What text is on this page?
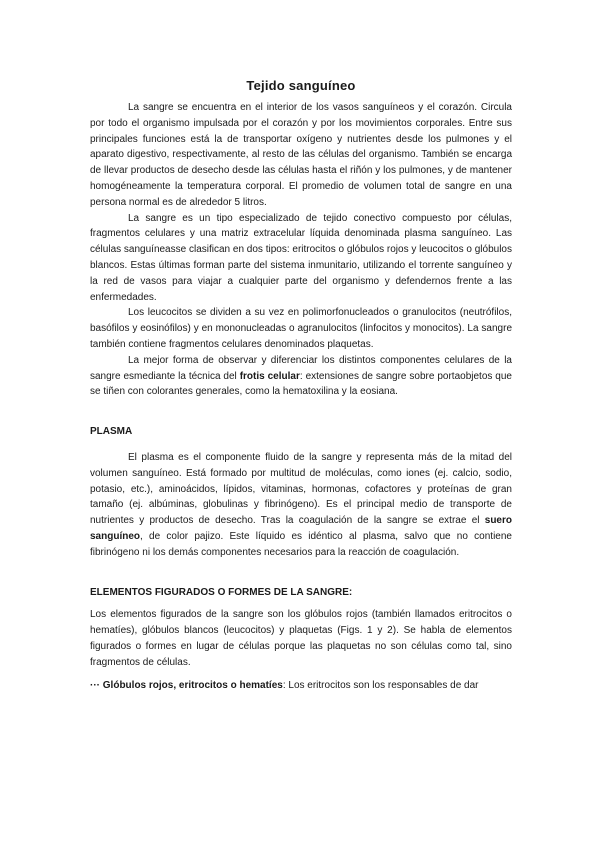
Tejido sanguíneo

La sangre se encuentra en el interior de los vasos sanguíneos y el corazón. Circula por todo el organismo impulsada por el corazón y por los movimientos corporales. Entre sus principales funciones está la de transportar oxígeno y nutrientes desde los pulmones y el aparato digestivo, respectivamente, al resto de las células del organismo. También se encarga de llevar productos de desecho desde las células hasta el riñón y los pulmones, y de mantener homogéneamente la temperatura corporal. El promedio de volumen total de sangre en una persona normal es de alrededor 5 litros.

La sangre es un tipo especializado de tejido conectivo compuesto por células, fragmentos celulares y una matriz extracelular líquida denominada plasma sanguíneo. Las células sanguíneasse clasifican en dos tipos: eritrocitos o glóbulos rojos y leucocitos o glóbulos blancos. Estas últimas forman parte del sistema inmunitario, utilizando el torrente sanguíneo y la red de vasos para viajar a cualquier parte del organismo y defendernos frente a las enfermedades.

Los leucocitos se dividen a su vez en polimorfonucleados o granulocitos (neutrófilos, basófilos y eosinófilos) y en mononucleadas o agranulocitos (linfocitos y monocitos). La sangre también contiene fragmentos celulares denominados plaquetas.

La mejor forma de observar y diferenciar los distintos componentes celulares de la sangre esmediante la técnica del frotis celular: extensiones de sangre sobre portaobjetos que se tiñen con colorantes generales, como la hematoxilina y la eosiana.

PLASMA

El plasma es el componente fluido de la sangre y representa más de la mitad del volumen sanguíneo. Está formado por multitud de moléculas, como iones (ej. calcio, sodio, potasio, etc.), aminoácidos, lípidos, vitaminas, hormonas, cofactores y proteínas de gran tamaño (ej. albúminas, globulinas y fibrinógeno). Es el principal medio de transporte de nutrientes y productos de desecho. Tras la coagulación de la sangre se extrae el suero sanguíneo, de color pajizo. Este líquido es idéntico al plasma, salvo que no contiene fibrinógeno ni los demás componentes necesarios para la reacción de coagulación.

ELEMENTOS FIGURADOS O FORMES DE LA SANGRE:

Los elementos figurados de la sangre son los glóbulos rojos (también llamados eritrocitos o hematíes), glóbulos blancos (leucocitos) y plaquetas (Figs. 1 y 2). Se habla de elementos figurados o formes en lugar de células porque las plaquetas no son células como tal, sino fragmentos de células.

··· Glóbulos rojos, eritrocitos o hematíes: Los eritrocitos son los responsables de dar
